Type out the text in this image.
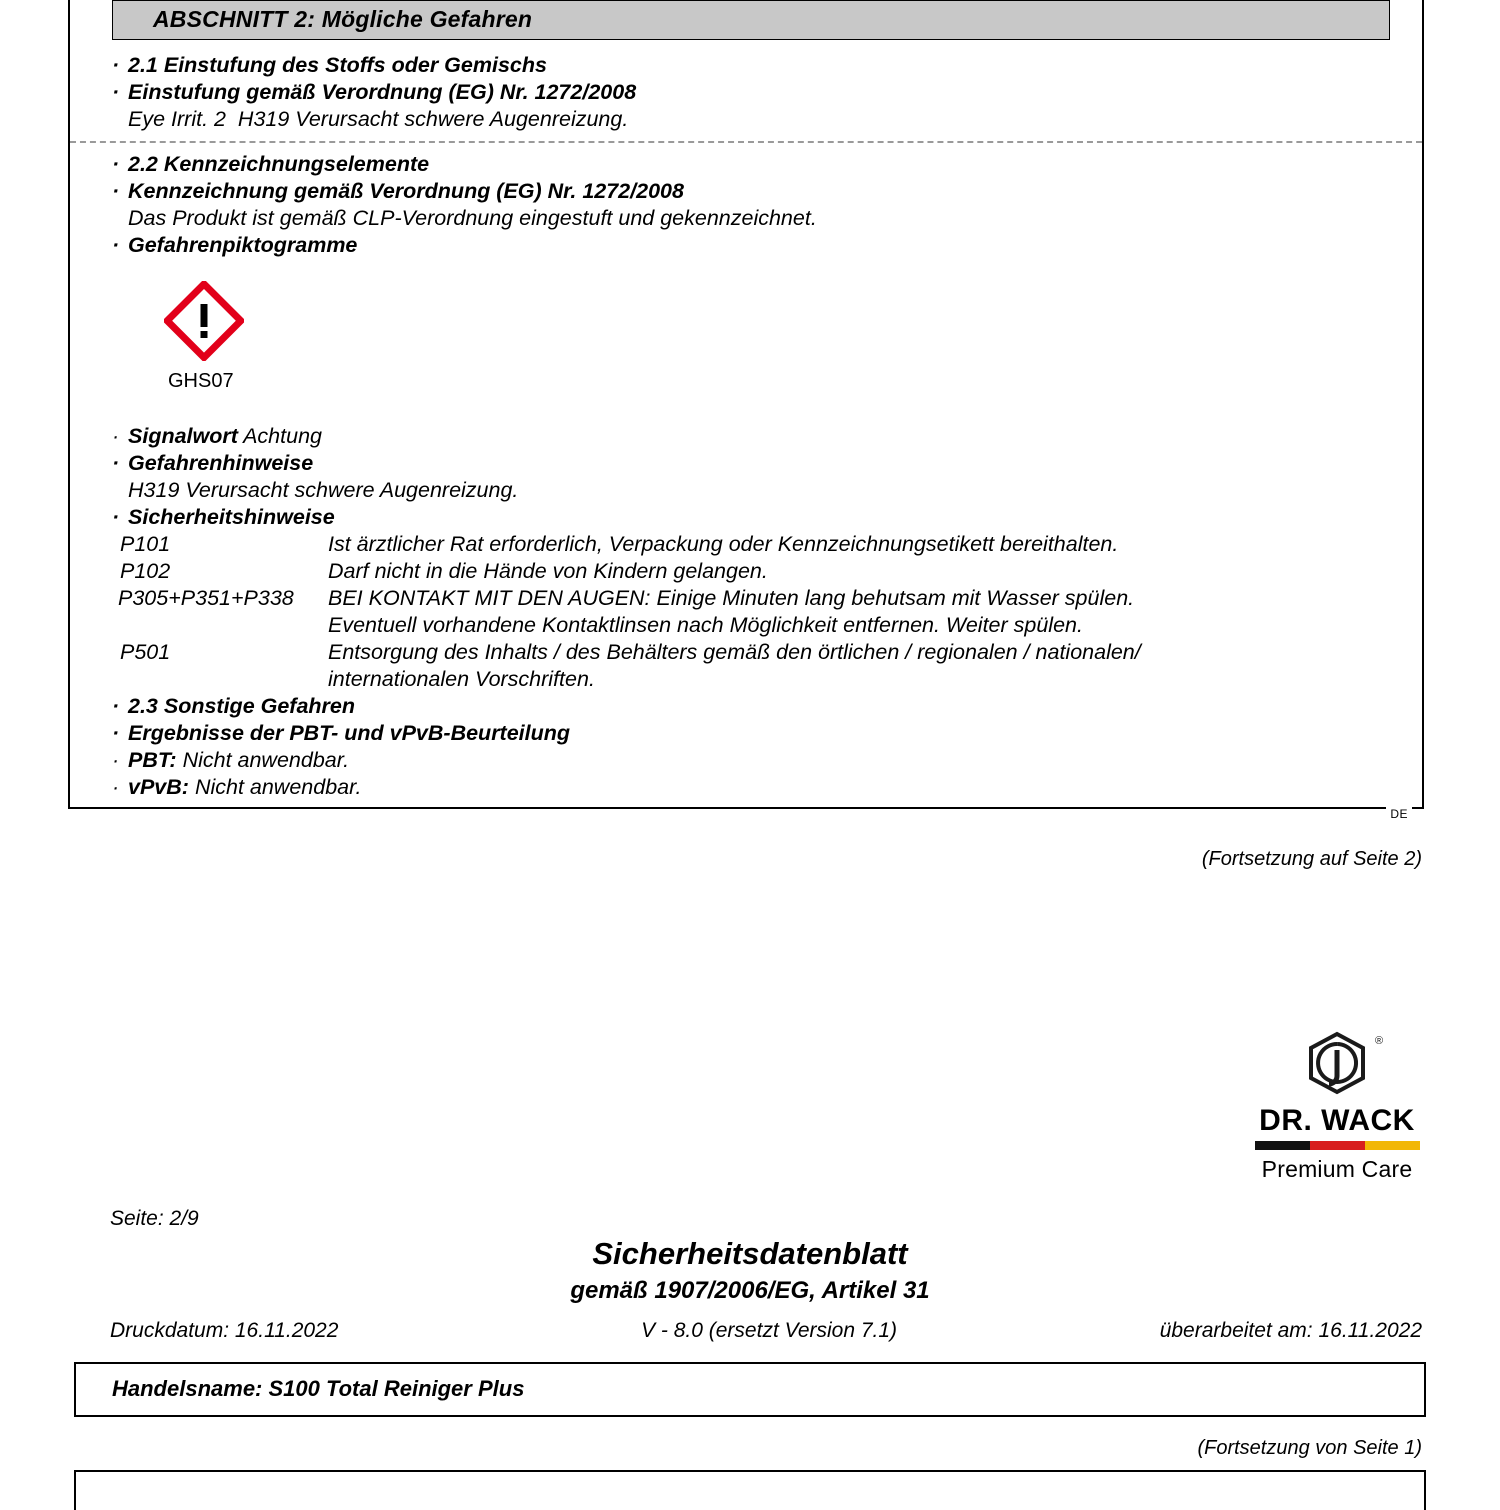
ABSCHNITT 2: Mögliche Gefahren
· 2.1 Einstufung des Stoffs oder Gemischs
· Einstufung gemäß Verordnung (EG) Nr. 1272/2008
Eye Irrit. 2  H319 Verursacht schwere Augenreizung.
· 2.2 Kennzeichnungselemente
· Kennzeichnung gemäß Verordnung (EG) Nr. 1272/2008
Das Produkt ist gemäß CLP-Verordnung eingestuft und gekennzeichnet.
· Gefahrenpiktogramme
GHS07
· Signalwort Achtung
· Gefahrenhinweise
H319 Verursacht schwere Augenreizung.
· Sicherheitshinweise
P101	Ist ärztlicher Rat erforderlich, Verpackung oder Kennzeichnungsetikett bereithalten.
P102	Darf nicht in die Hände von Kindern gelangen.
P305+P351+P338	BEI KONTAKT MIT DEN AUGEN: Einige Minuten lang behutsam mit Wasser spülen.
Eventuell vorhandene Kontaktlinsen nach Möglichkeit entfernen. Weiter spülen.
P501	Entsorgung des Inhalts / des Behälters gemäß den örtlichen / regionalen / nationalen/
internationalen Vorschriften.
· 2.3 Sonstige Gefahren
· Ergebnisse der PBT- und vPvB-Beurteilung
· PBT: Nicht anwendbar.
· vPvB: Nicht anwendbar.
DE
(Fortsetzung auf Seite 2)
®
DR. WACK
Premium Care
Seite: 2/9
Sicherheitsdatenblatt
gemäß 1907/2006/EG, Artikel 31
Druckdatum: 16.11.2022	V - 8.0 (ersetzt Version 7.1)	überarbeitet am: 16.11.2022
Handelsname: S100 Total Reiniger Plus
(Fortsetzung von Seite 1)
